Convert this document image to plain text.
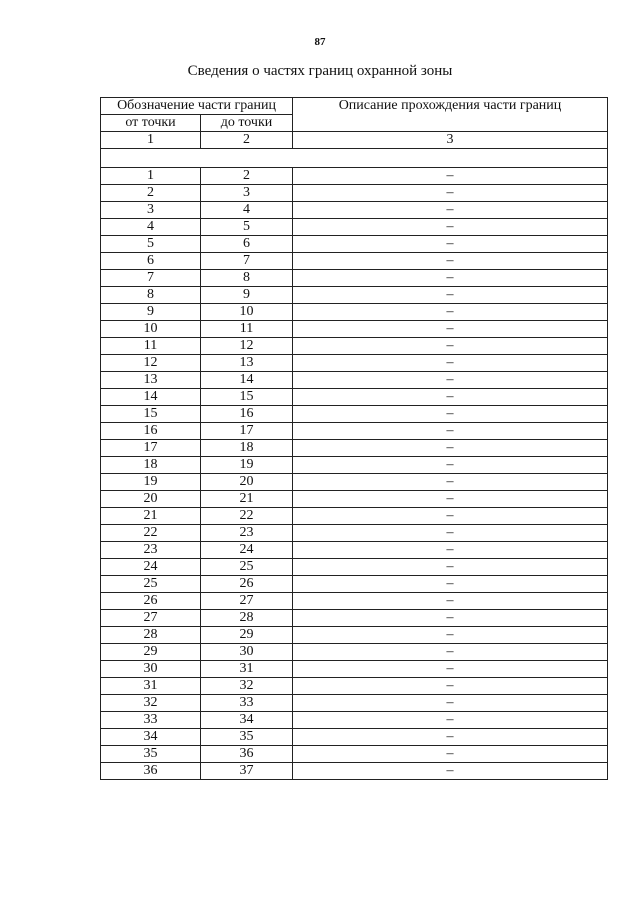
87
Сведения о частях границ охранной зоны
Обозначение части границ		Описание прохождения части границ
от точки	до точки	
1	2	3

1	2	–
2	3	–
3	4	–
4	5	–
5	6	–
6	7	–
7	8	–
8	9	–
9	10	–
10	11	–
11	12	–
12	13	–
13	14	–
14	15	–
15	16	–
16	17	–
17	18	–
18	19	–
19	20	–
20	21	–
21	22	–
22	23	–
23	24	–
24	25	–
25	26	–
26	27	–
27	28	–
28	29	–
29	30	–
30	31	–
31	32	–
32	33	–
33	34	–
34	35	–
35	36	–
36	37	–
